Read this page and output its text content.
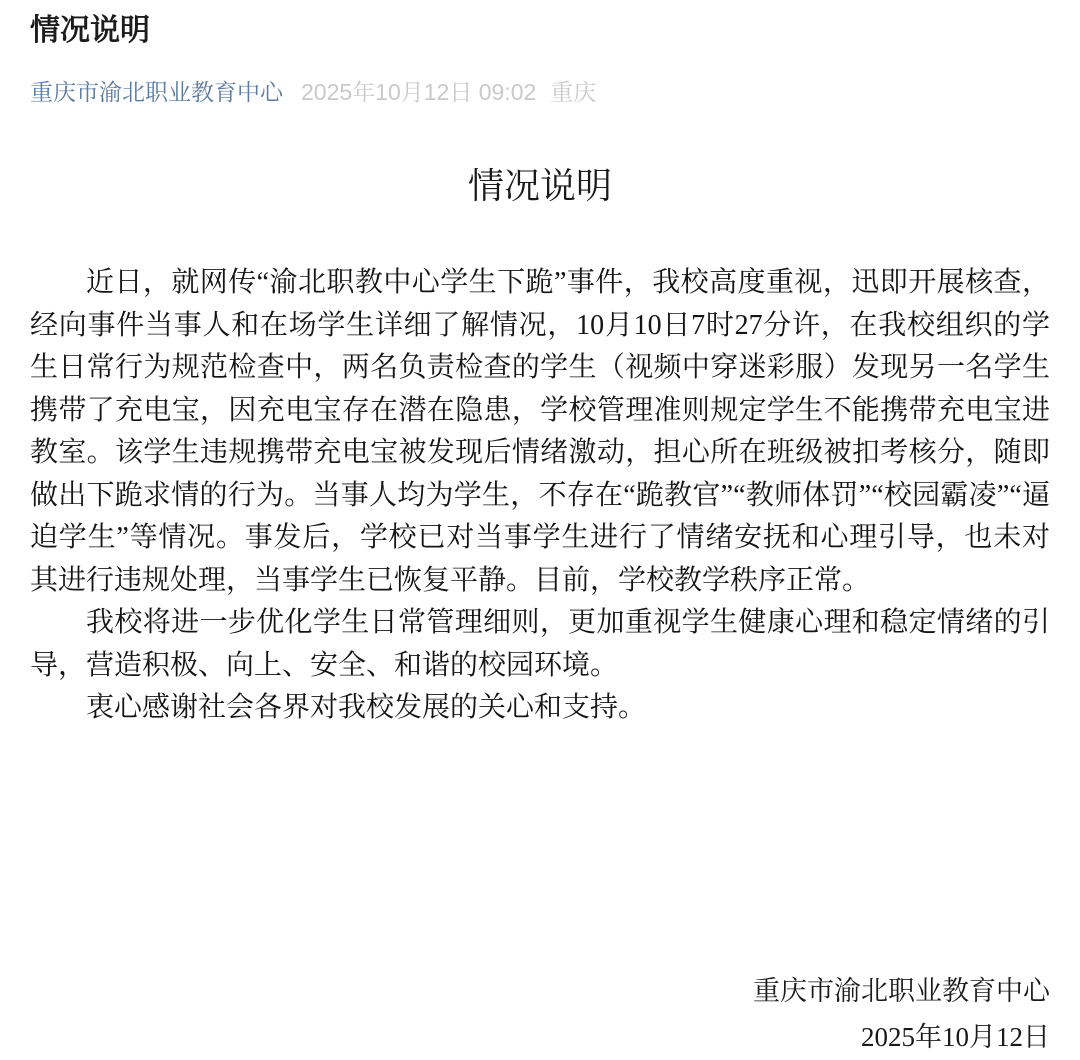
情况说明
重庆市渝北职业教育中心 2025年10月12日 09:02 重庆
情况说明

近日，就网传“渝北职教中心学生下跪”事件，我校高度重视，迅即开展核查，经向事件当事人和在场学生详细了解情况，10月10日7时27分许，在我校组织的学生日常行为规范检查中，两名负责检查的学生（视频中穿迷彩服）发现另一名学生携带了充电宝，因充电宝存在潜在隐患，学校管理准则规定学生不能携带充电宝进教室。该学生违规携带充电宝被发现后情绪激动，担心所在班级被扣考核分，随即做出下跪求情的行为。当事人均为学生，不存在“跪教官”“教师体罚”“校园霸凌”“逼迫学生”等情况。事发后，学校已对当事学生进行了情绪安抚和心理引导，也未对其进行违规处理，当事学生已恢复平静。目前，学校教学秩序正常。

我校将进一步优化学生日常管理细则，更加重视学生健康心理和稳定情绪的引导，营造积极、向上、安全、和谐的校园环境。

衷心感谢社会各界对我校发展的关心和支持。

重庆市渝北职业教育中心
2025年10月12日
